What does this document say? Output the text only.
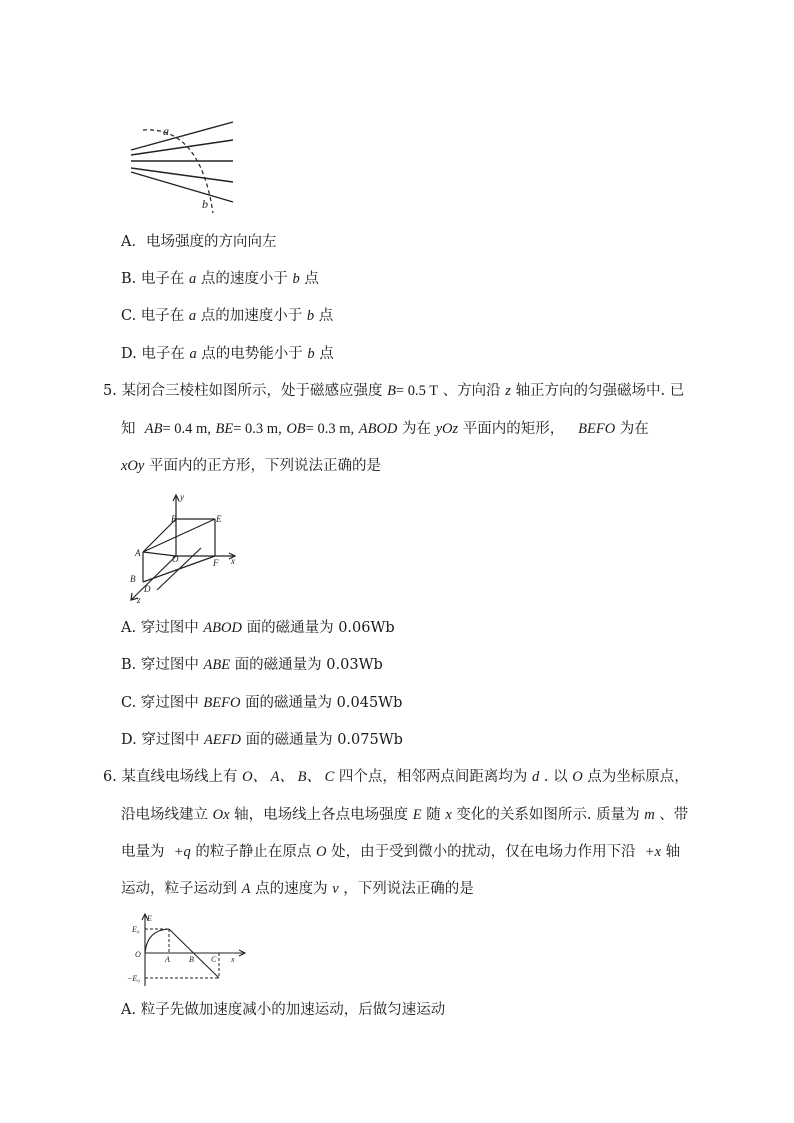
a
b
A．电场强度的方向向左
B. 电子在 a 点的速度小于 b 点
C. 电子在 a 点的加速度小于 b 点
D. 电子在 a 点的电势能小于 b 点
5. 某闭合三棱柱如图所示，处于磁感应强度 B= 0.5 T 、方向沿 z 轴正方向的匀强磁场中. 已
知 AB= 0.4 m, BE= 0.3 m, OB= 0.3 m, ABOD 为在 yOz 平面内的矩形， BEFO 为在
xOy 平面内的正方形，下列说法正确的是
B	E
A
O	F
B
D
y
x
z
A. 穿过图中 ABOD 面的磁通量为 0.06Wb
B. 穿过图中 ABE 面的磁通量为 0.03Wb
C. 穿过图中 BEFO 面的磁通量为 0.045Wb
D. 穿过图中 AEFD 面的磁通量为 0.075Wb
6. 某直线电场线上有 O、 A、 B、 C 四个点，相邻两点间距离均为 d . 以 O 点为坐标原点，
沿电场线建立 Ox 轴，电场线上各点电场强度 E 随 x 变化的关系如图所示. 质量为 m 、带
电量为 +q 的粒子静止在原点 O 处，由于受到微小的扰动，仅在电场力作用下沿 +x 轴
运动，粒子运动到 A 点的速度为 v ，下列说法正确的是
E
E₀
O
A B C x
−E₀
A. 粒子先做加速度减小的加速运动，后做匀速运动
